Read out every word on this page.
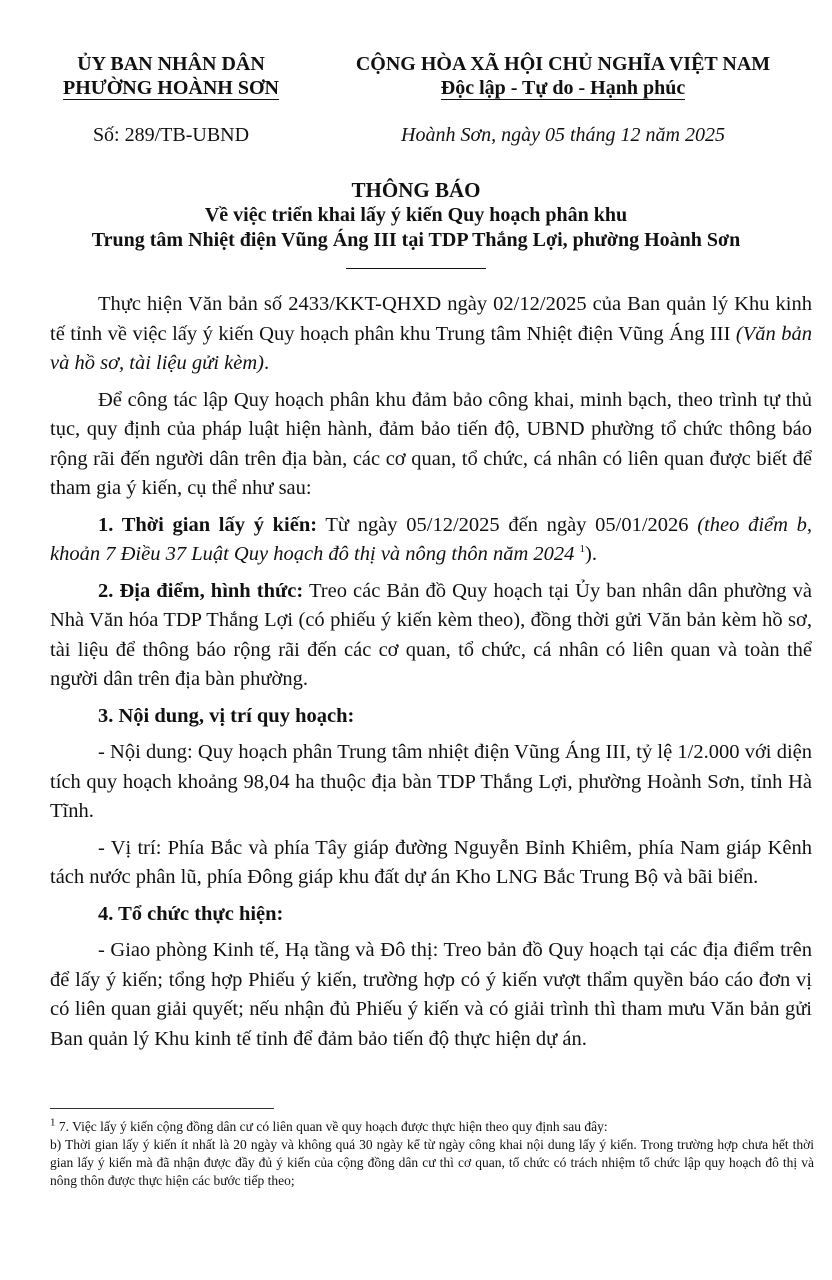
ỦY BAN NHÂN DÂN
PHƯỜNG HOÀNH SƠN
CỘNG HÒA XÃ HỘI CHỦ NGHĨA VIỆT NAM
Độc lập - Tự do - Hạnh phúc
Số: 289/TB-UBND	Hoành Sơn, ngày 05 tháng 12 năm 2025
THÔNG BÁO
Về việc triển khai lấy ý kiến Quy hoạch phân khu
Trung tâm Nhiệt điện Vũng Áng III tại TDP Thắng Lợi, phường Hoành Sơn

Thực hiện Văn bản số 2433/KKT-QHXD ngày 02/12/2025 của Ban quản lý Khu kinh tế tỉnh về việc lấy ý kiến Quy hoạch phân khu Trung tâm Nhiệt điện Vũng Áng III (Văn bản và hồ sơ, tài liệu gửi kèm).

Để công tác lập Quy hoạch phân khu đảm bảo công khai, minh bạch, theo trình tự thủ tục, quy định của pháp luật hiện hành, đảm bảo tiến độ, UBND phường tổ chức thông báo rộng rãi đến người dân trên địa bàn, các cơ quan, tổ chức, cá nhân có liên quan được biết để tham gia ý kiến, cụ thể như sau:

1. Thời gian lấy ý kiến: Từ ngày 05/12/2025 đến ngày 05/01/2026 (theo điểm b, khoản 7 Điều 37 Luật Quy hoạch đô thị và nông thôn năm 2024 $^1$).

2. Địa điểm, hình thức: Treo các Bản đồ Quy hoạch tại Ủy ban nhân dân phường và Nhà Văn hóa TDP Thắng Lợi (có phiếu ý kiến kèm theo), đồng thời gửi Văn bản kèm hồ sơ, tài liệu để thông báo rộng rãi đến các cơ quan, tổ chức, cá nhân có liên quan và toàn thể người dân trên địa bàn phường.

3. Nội dung, vị trí quy hoạch:

- Nội dung: Quy hoạch phân Trung tâm nhiệt điện Vũng Áng III, tỷ lệ 1/2.000 với diện tích quy hoạch khoảng 98,04 ha thuộc địa bàn TDP Thắng Lợi, phường Hoành Sơn, tỉnh Hà Tĩnh.

- Vị trí: Phía Bắc và phía Tây giáp đường Nguyễn Bỉnh Khiêm, phía Nam giáp Kênh tách nước phân lũ, phía Đông giáp khu đất dự án Kho LNG Bắc Trung Bộ và bãi biển.

4. Tổ chức thực hiện:

- Giao phòng Kinh tế, Hạ tầng và Đô thị: Treo bản đồ Quy hoạch tại các địa điểm trên để lấy ý kiến; tổng hợp Phiếu ý kiến, trường hợp có ý kiến vượt thẩm quyền báo cáo đơn vị có liên quan giải quyết; nếu nhận đủ Phiếu ý kiến và có giải trình thì tham mưu Văn bản gửi Ban quản lý Khu kinh tế tỉnh để đảm bảo tiến độ thực hiện dự án.

$^1$ 7. Việc lấy ý kiến cộng đồng dân cư có liên quan về quy hoạch được thực hiện theo quy định sau đây:

b) Thời gian lấy ý kiến ít nhất là 20 ngày và không quá 30 ngày kể từ ngày công khai nội dung lấy ý kiến. Trong trường hợp chưa hết thời gian lấy ý kiến mà đã nhận được đầy đủ ý kiến của cộng đồng dân cư thì cơ quan, tổ chức có trách nhiệm tổ chức lập quy hoạch đô thị và nông thôn được thực hiện các bước tiếp theo;
